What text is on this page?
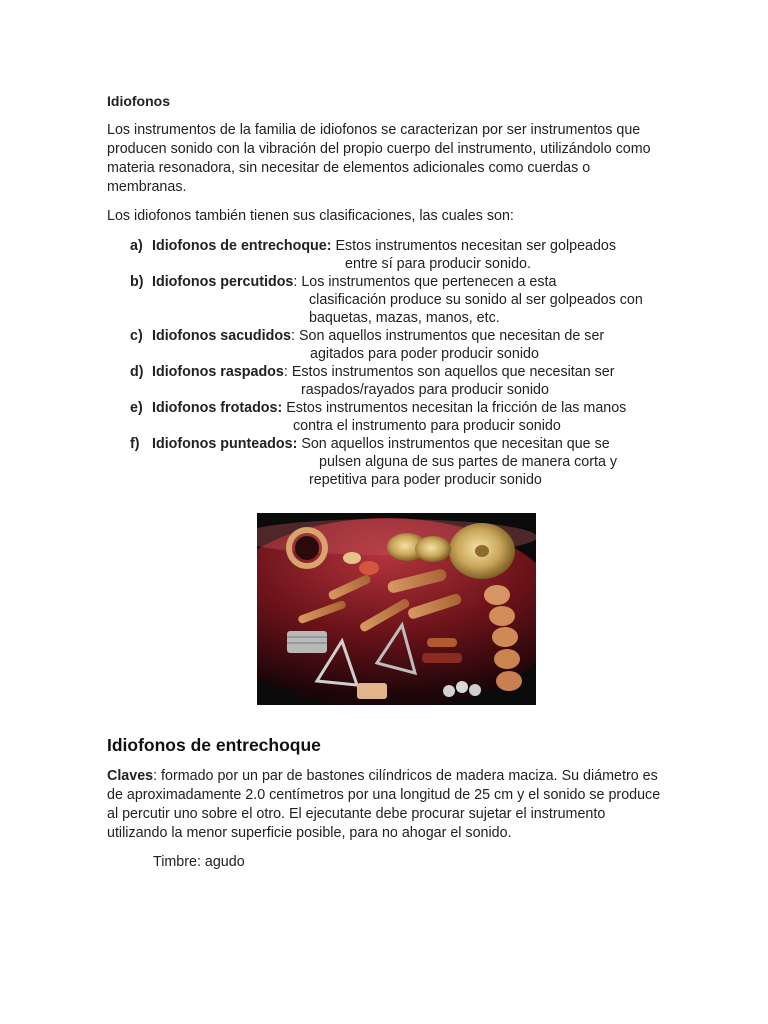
Idiofonos
Los instrumentos de la familia de idiofonos se caracterizan por ser instrumentos que producen sonido con la vibración del propio cuerpo del instrumento, utilizándolo como materia resonadora, sin necesitar de elementos adicionales como cuerdas o membranas.
Los idiofonos también tienen sus clasificaciones, las cuales son:
a) Idiofonos de entrechoque: Estos instrumentos necesitan ser golpeados
entre sí para producir sonido.
b) Idiofonos percutidos: Los instrumentos que pertenecen a esta
clasificación produce su sonido al ser golpeados con
baquetas, mazas, manos, etc.
c) Idiofonos sacudidos: Son aquellos instrumentos que necesitan de ser
agitados para poder producir sonido
d) Idiofonos raspados: Estos instrumentos son aquellos que necesitan ser
raspados/rayados para producir sonido
e) Idiofonos frotados: Estos instrumentos necesitan la fricción de las manos
contra el instrumento para producir sonido
f) Idiofonos punteados: Son aquellos instrumentos que necesitan que se
pulsen alguna de sus partes de manera corta y
repetitiva para poder producir sonido
Idiofonos de entrechoque
Claves: formado por un par de bastones cilíndricos de madera maciza. Su diámetro es de aproximadamente 2.0 centímetros por una longitud de 25 cm y el sonido se produce al percutir uno sobre el otro. El ejecutante debe procurar sujetar el instrumento utilizando la menor superficie posible, para no ahogar el sonido.
Timbre: agudo
